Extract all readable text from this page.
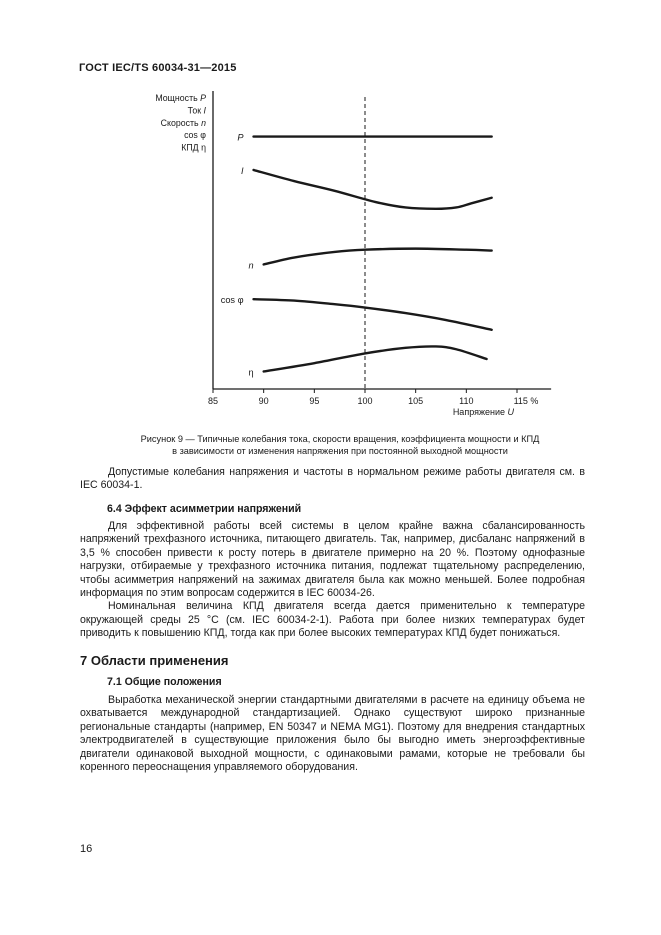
ГОСТ IEC/TS 60034-31—2015
Мощность P
Ток I
Скорость n
cos φ
КПД η
85	90	95	100	105	110	115 %
Напряжение U
P
I
n
cos φ
η
Рисунок 9 — Типичные колебания тока, скорости вращения, коэффициента мощности и КПД
в зависимости от изменения напряжения при постоянной выходной мощности

Допустимые колебания напряжения и частоты в нормальном режиме работы двигателя см. в IEC 60034-1.

6.4 Эффект асимметрии напряжений

Для эффективной работы всей системы в целом крайне важна сбалансированность напряжений трехфазного источника, питающего двигатель. Так, например, дисбаланс напряжений в 3,5 % способен привести к росту потерь в двигателе примерно на 20 %. Поэтому однофазные нагрузки, отбираемые у трехфазного источника питания, подлежат тщательному распределению, чтобы асимметрия напряжений на зажимах двигателя была как можно меньшей. Более подробная информация по этим вопросам содержится в IEC 60034-26.

Номинальная величина КПД двигателя всегда дается применительно к температуре окружающей среды 25 °С (см. IEC 60034-2-1). Работа при более низких температурах будет приводить к повышению КПД, тогда как при более высоких температурах КПД будет понижаться.

7 Области применения
7.1 Общие положения

Выработка механической энергии стандартными двигателями в расчете на единицу объема не охватывается международной стандартизацией. Однако существуют широко признанные региональные стандарты (например, EN 50347 и NEMA MG1). Поэтому для внедрения стандартных электродвигателей в существующие приложения было бы выгодно иметь энергоэффективные двигатели одинаковой выходной мощности, с одинаковыми рамами, которые не требовали бы коренного переоснащения управляемого оборудования.

16
